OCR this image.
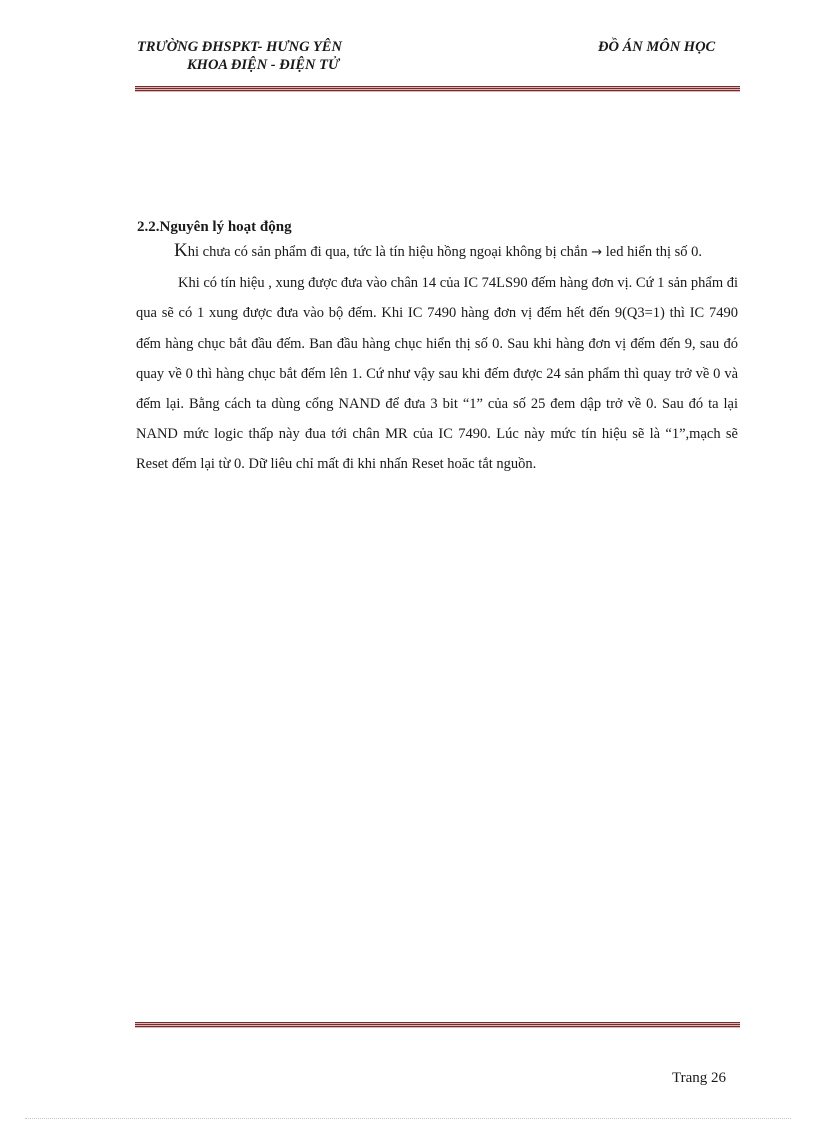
TRƯỜNG ĐHSPKT- HƯNG YÊN
KHOA ĐIỆN - ĐIỆN TỬ
ĐỒ ÁN MÔN HỌC
2.2.Nguyên lý hoạt động

Khi chưa có sản phẩm đi qua, tức là tín hiệu hồng ngoại không bị chắn → led hiển thị số 0.

Khi có tín hiệu , xung được đưa vào chân 14 của IC 74LS90 đếm hàng đơn vị. Cứ 1 sản phẩm đi qua sẽ có 1 xung được đưa vào bộ đếm. Khi IC 7490 hàng đơn vị đếm hết đến 9(Q3=1) thì IC 7490 đếm hàng chục bắt đầu đếm. Ban đầu hàng chục hiển thị số 0. Sau khi hàng đơn vị đếm đến 9, sau đó quay về 0 thì hàng chục bắt đếm lên 1. Cứ như vậy sau khi đếm được 24 sản phẩm thì quay trở về 0 và đếm lại. Bằng cách ta dùng cổng NAND để đưa 3 bit “1” của số 25 đem dập trở về 0. Sau đó ta lại NAND mức logic thấp này đua tới chân MR của IC 7490. Lúc này mức tín hiệu sẽ là “1”,mạch sẽ Reset đếm lại từ 0. Dữ liêu chỉ mất đi khi nhấn Reset hoăc tắt nguồn.

Trang 26
